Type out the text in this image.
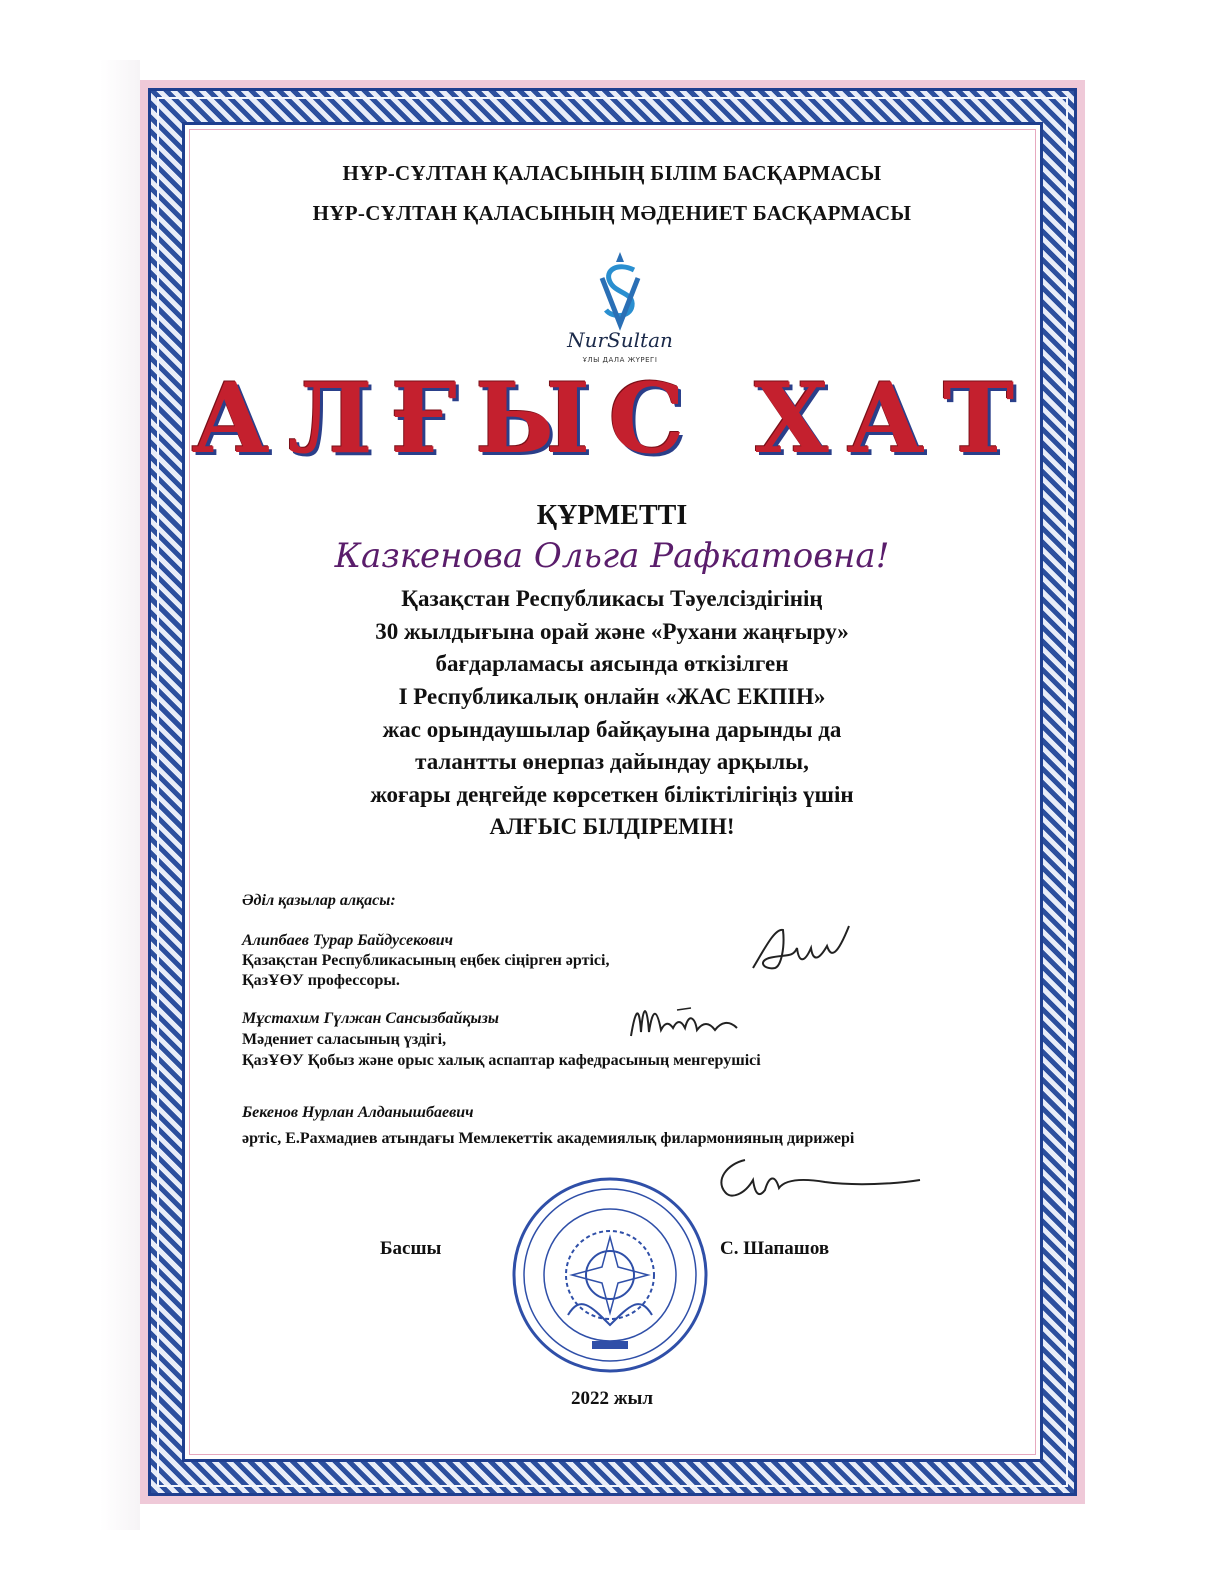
НҰР-СҰЛТАН ҚАЛАСЫНЫҢ БІЛІМ БАСҚАРМАСЫ
НҰР-СҰЛТАН ҚАЛАСЫНЫҢ МӘДЕНИЕТ БАСҚАРМАСЫ
NurSultan
ҰЛЫ ДАЛА ЖҮРЕГІ
АЛҒЫС ХАТ
ҚҰРМЕТТІ
Казкенова Ольга Рафкатовна!
Қазақстан Республикасы Тәуелсіздігінің
30 жылдығына орай және «Рухани жаңғыру»
бағдарламасы аясында өткізілген
І Республикалық онлайн «ЖАС ЕКПІН»
жас орындаушылар байқауына дарынды да
талантты өнерпаз дайындау арқылы,
жоғары деңгейде көрсеткен біліктілігіңіз үшін
АЛҒЫС БІЛДІРЕМІН!
Әділ қазылар алқасы:
Алипбаев Турар Байдусекович
Қазақстан Республикасының еңбек сіңірген әртісі,
ҚазҰӨУ профессоры.
Мұстахим Гүлжан Сансызбайқызы
Мәдениет саласының үздігі,
ҚазҰӨУ Қобыз және орыс халық аспаптар кафедрасының менгерушісі
Бекенов Нурлан Алданышбаевич
әртіс, Е.Рахмадиев атындағы Мемлекеттік академиялық филармонияның дирижері
Басшы	С. Шапашов
2022 жыл
